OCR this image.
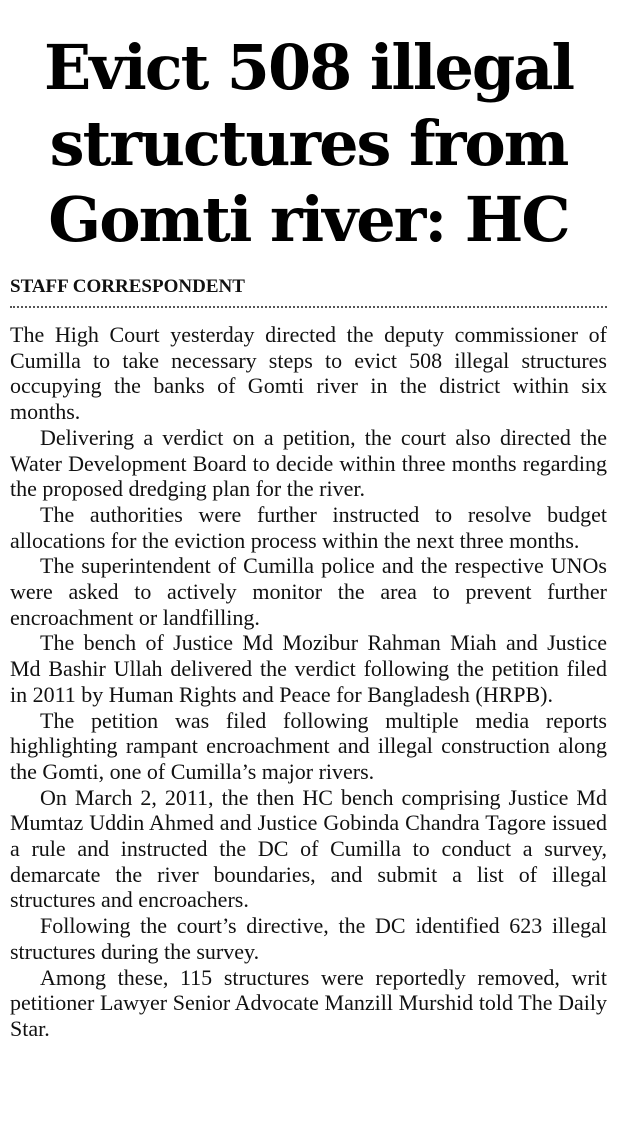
Evict 508 illegal structures from Gomti river: HC
STAFF CORRESPONDENT

The High Court yesterday directed the deputy commissioner of Cumilla to take necessary steps to evict 508 illegal structures occupying the banks of Gomti river in the district within six months.

Delivering a verdict on a petition, the court also directed the Water Development Board to decide within three months regarding the proposed dredging plan for the river.

The authorities were further instructed to resolve budget allocations for the eviction process within the next three months.

The superintendent of Cumilla police and the respective UNOs were asked to actively monitor the area to prevent further encroachment or landfilling.

The bench of Justice Md Mozibur Rahman Miah and Justice Md Bashir Ullah delivered the verdict following the petition filed in 2011 by Human Rights and Peace for Bangladesh (HRPB).

The petition was filed following multiple media reports highlighting rampant encroachment and illegal construction along the Gomti, one of Cumilla’s major rivers.

On March 2, 2011, the then HC bench comprising Justice Md Mumtaz Uddin Ahmed and Justice Gobinda Chandra Tagore issued a rule and instructed the DC of Cumilla to conduct a survey, demarcate the river boundaries, and submit a list of illegal structures and encroachers.

Following the court’s directive, the DC identified 623 illegal structures during the survey.

Among these, 115 structures were reportedly removed, writ petitioner Lawyer Senior Advocate Manzill Murshid told The Daily Star.
